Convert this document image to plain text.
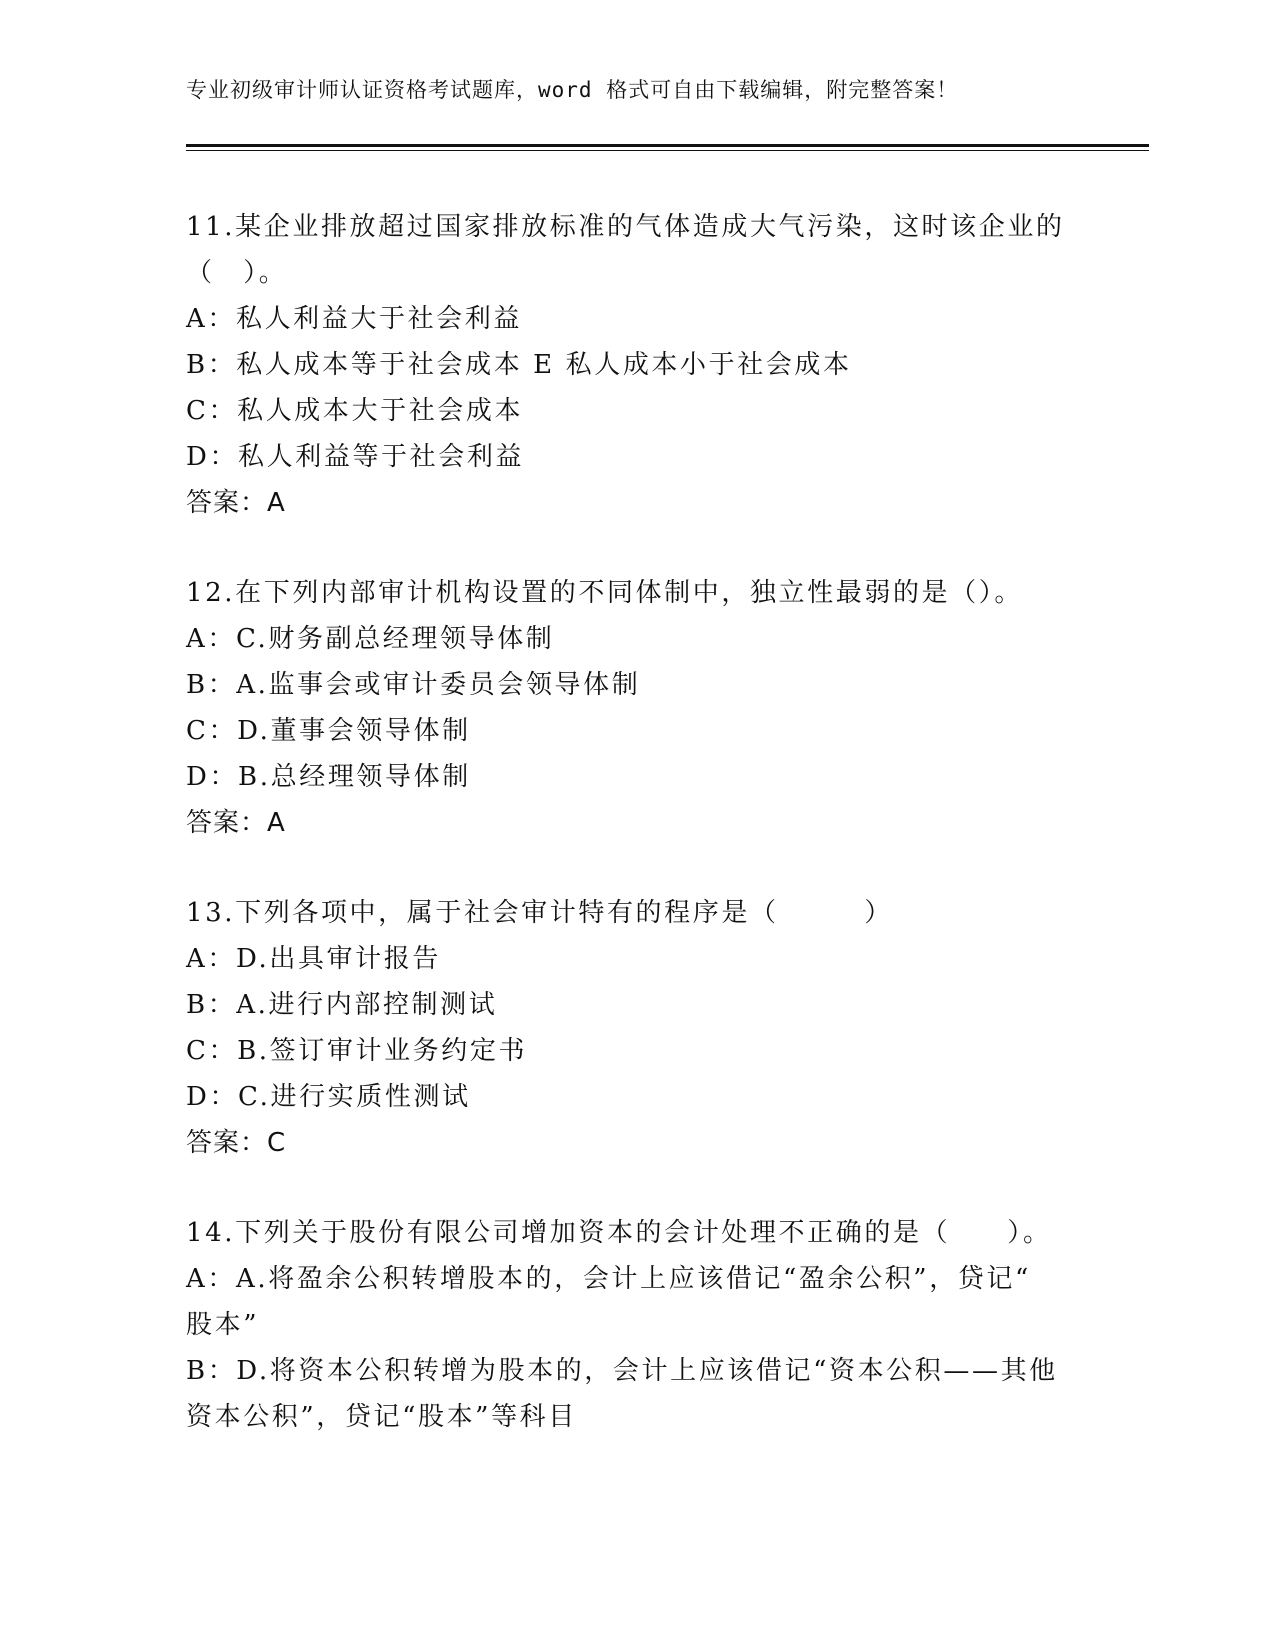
专业初级审计师认证资格考试题库，word 格式可自由下载编辑，附完整答案！

11.某企业排放超过国家排放标准的气体造成大气污染，这时该企业的

（　）。

A：私人利益大于社会利益

B：私人成本等于社会成本 E 私人成本小于社会成本

C：私人成本大于社会成本

D：私人利益等于社会利益

答案：A

12.在下列内部审计机构设置的不同体制中，独立性最弱的是（）。

A：C.财务副总经理领导体制

B：A.监事会或审计委员会领导体制

C：D.董事会领导体制

D：B.总经理领导体制

答案：A

13.下列各项中，属于社会审计特有的程序是（　　　）

A：D.出具审计报告

B：A.进行内部控制测试

C：B.签订审计业务约定书

D：C.进行实质性测试

答案：C

14.下列关于股份有限公司增加资本的会计处理不正确的是（　　）。

A：A.将盈余公积转增股本的，会计上应该借记“盈余公积”，贷记“

股本”

B：D.将资本公积转增为股本的，会计上应该借记“资本公积——其他

资本公积”，贷记“股本”等科目
